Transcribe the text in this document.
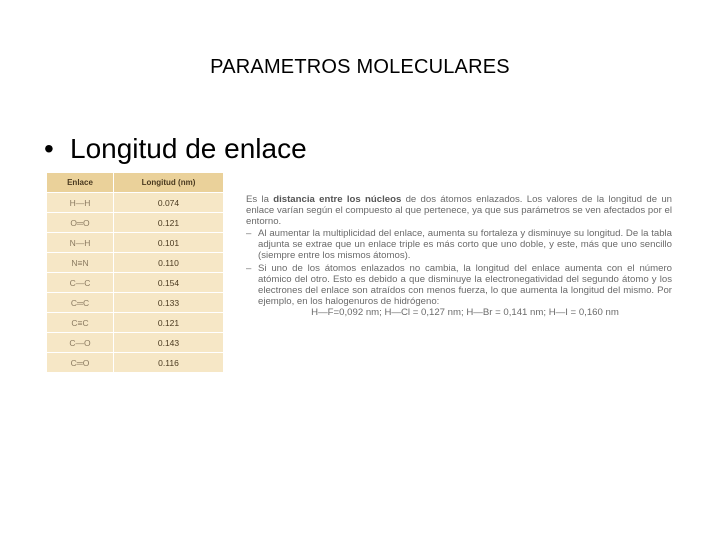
PARAMETROS MOLECULARES
• Longitud de enlace
Enlace	Longitud (nm)
H—H	0.074
O═O	0.121
N—H	0.101
N≡N	0.110
C—C	0.154
C═C	0.133
C≡C	0.121
C—O	0.143
C═O	0.116

Es la distancia entre los núcleos de dos átomos enlazados. Los valores de la longitud de un enlace varían según el compuesto al que pertenece, ya que sus parámetros se ven afectados por el entorno.

– Al aumentar la multiplicidad del enlace, aumenta su fortaleza y disminuye su longitud. De la tabla adjunta se extrae que un enlace triple es más corto que uno doble, y este, más que uno sencillo (siempre entre los mismos átomos).

– Si uno de los átomos enlazados no cambia, la longitud del enlace aumenta con el número atómico del otro. Esto es debido a que disminuye la electronegatividad del segundo átomo y los electrones del enlace son atraídos con menos fuerza, lo que aumenta la longitud del mismo. Por ejemplo, en los halogenuros de hidrógeno:

H—F=0,092 nm; H—Cl = 0,127 nm; H—Br = 0,141 nm; H—I = 0,160 nm
